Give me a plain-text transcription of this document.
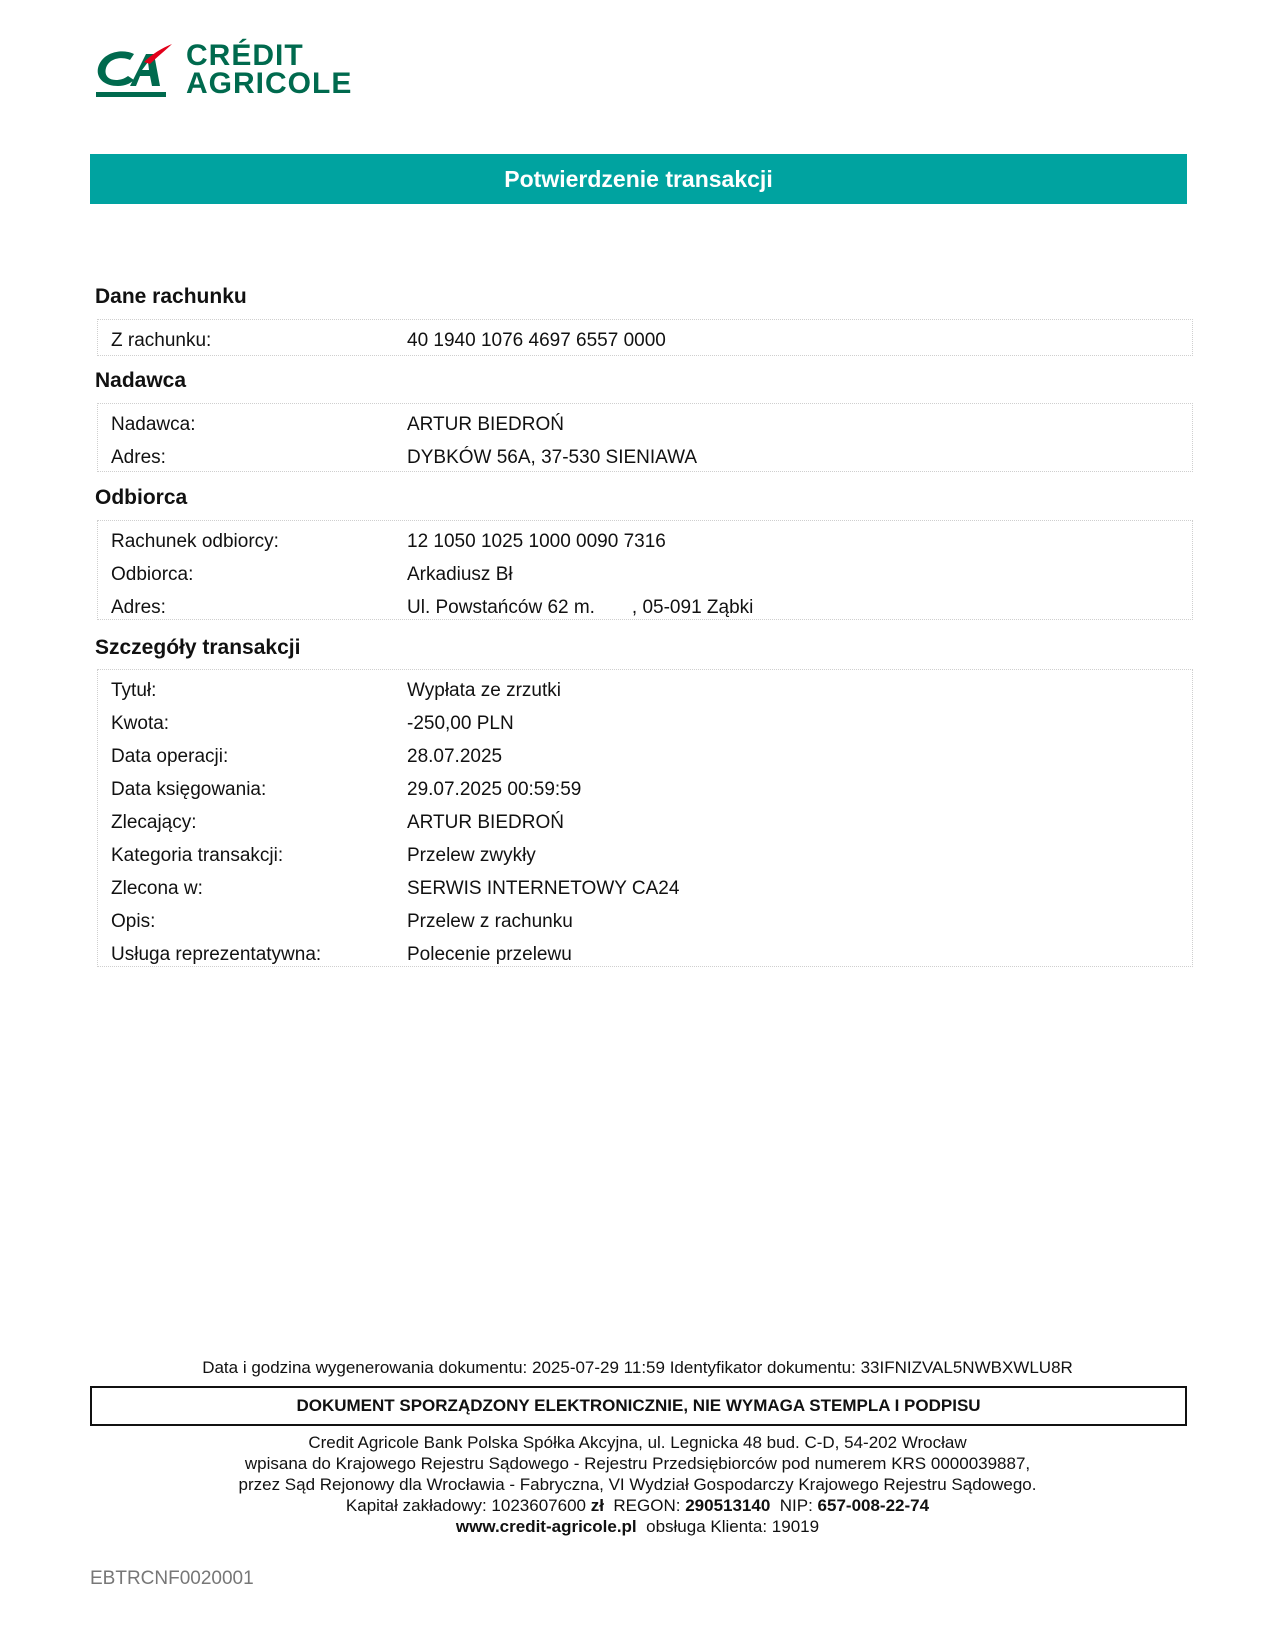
CRÉDIT
AGRICOLE
Potwierdzenie transakcji
Dane rachunku
Z rachunku:	40 1940 1076 4697 6557 0000
Nadawca
Nadawca:	ARTUR BIEDROŃ
Adres:	DYBKÓW 56A, 37-530 SIENIAWA
Odbiorca
Rachunek odbiorcy:	12 1050 1025 1000 0090 7316
Odbiorca:	Arkadiusz Bł
Adres:	Ul. Powstańców 62 m.       , 05-091 Ząbki
Szczegóły transakcji
Tytuł:	Wypłata ze zrzutki
Kwota:	-250,00 PLN
Data operacji:	28.07.2025
Data księgowania:	29.07.2025 00:59:59
Zlecający:	ARTUR BIEDROŃ
Kategoria transakcji:	Przelew zwykły
Zlecona w:	SERWIS INTERNETOWY CA24
Opis:	Przelew z rachunku
Usługa reprezentatywna:	Polecenie przelewu
Data i godzina wygenerowania dokumentu: 2025-07-29 11:59 Identyfikator dokumentu: 33IFNIZVAL5NWBXWLU8R
DOKUMENT SPORZĄDZONY ELEKTRONICZNIE, NIE WYMAGA STEMPLA I PODPISU
Credit Agricole Bank Polska Spółka Akcyjna, ul. Legnicka 48 bud. C-D, 54-202 Wrocław
wpisana do Krajowego Rejestru Sądowego - Rejestru Przedsiębiorców pod numerem KRS 0000039887,
przez Sąd Rejonowy dla Wrocławia - Fabryczna, VI Wydział Gospodarczy Krajowego Rejestru Sądowego.
Kapitał zakładowy: 1023607600 zł REGON: 290513140 NIP: 657-008-22-74
www.credit-agricole.pl obsługa Klienta: 19019
EBTRCNF0020001
